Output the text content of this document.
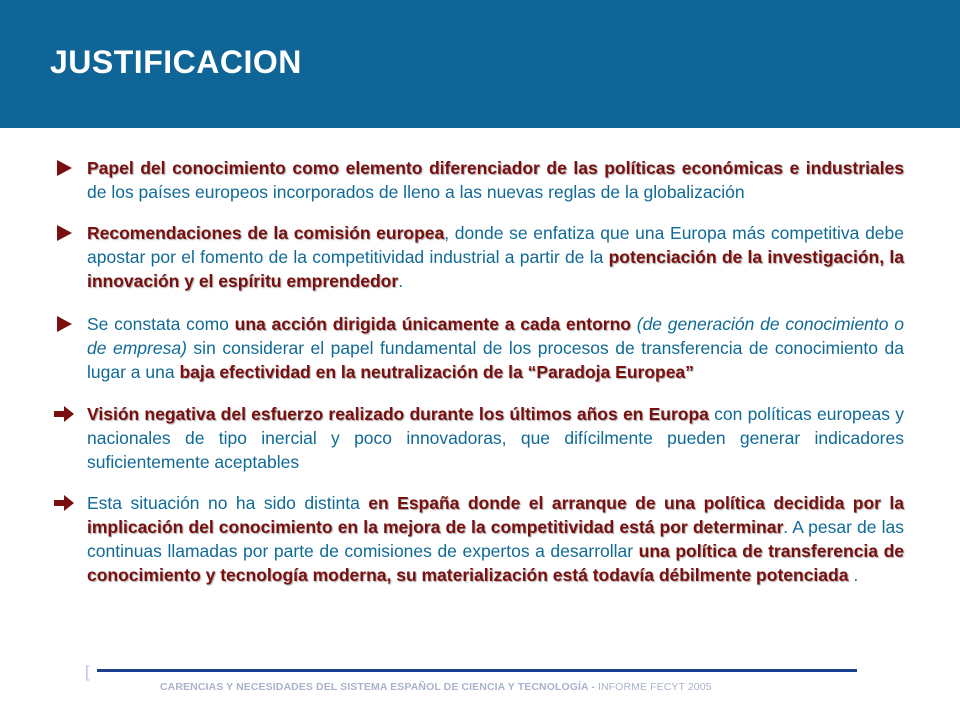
JUSTIFICACION
Papel del conocimiento como elemento diferenciador de las políticas económicas e industriales de los países europeos incorporados de lleno a las nuevas reglas de la globalización
Recomendaciones de la comisión europea, donde se enfatiza que una Europa más competitiva debe apostar por el fomento de la competitividad industrial a partir de la potenciación de la investigación, la innovación y el espíritu emprendedor.
Se constata como una acción dirigida únicamente a cada entorno (de generación de conocimiento o de empresa) sin considerar el papel fundamental de los procesos de transferencia de conocimiento da lugar a una baja efectividad en la neutralización de la “Paradoja Europea”
Visión negativa del esfuerzo realizado durante los últimos años en Europa con políticas europeas y nacionales de tipo inercial y poco innovadoras, que difícilmente pueden generar indicadores suficientemente aceptables
Esta situación no ha sido distinta en España donde el arranque de una política decidida por la implicación del conocimiento en la mejora de la competitividad está por determinar. A pesar de las continuas llamadas por parte de comisiones de expertos a desarrollar una política de transferencia de conocimiento y tecnología moderna, su materialización está todavía débilmente potenciada .
[
CARENCIAS Y NECESIDADES DEL SISTEMA ESPAÑOL DE CIENCIA Y TECNOLOGÍA - INFORME FECYT 2005
